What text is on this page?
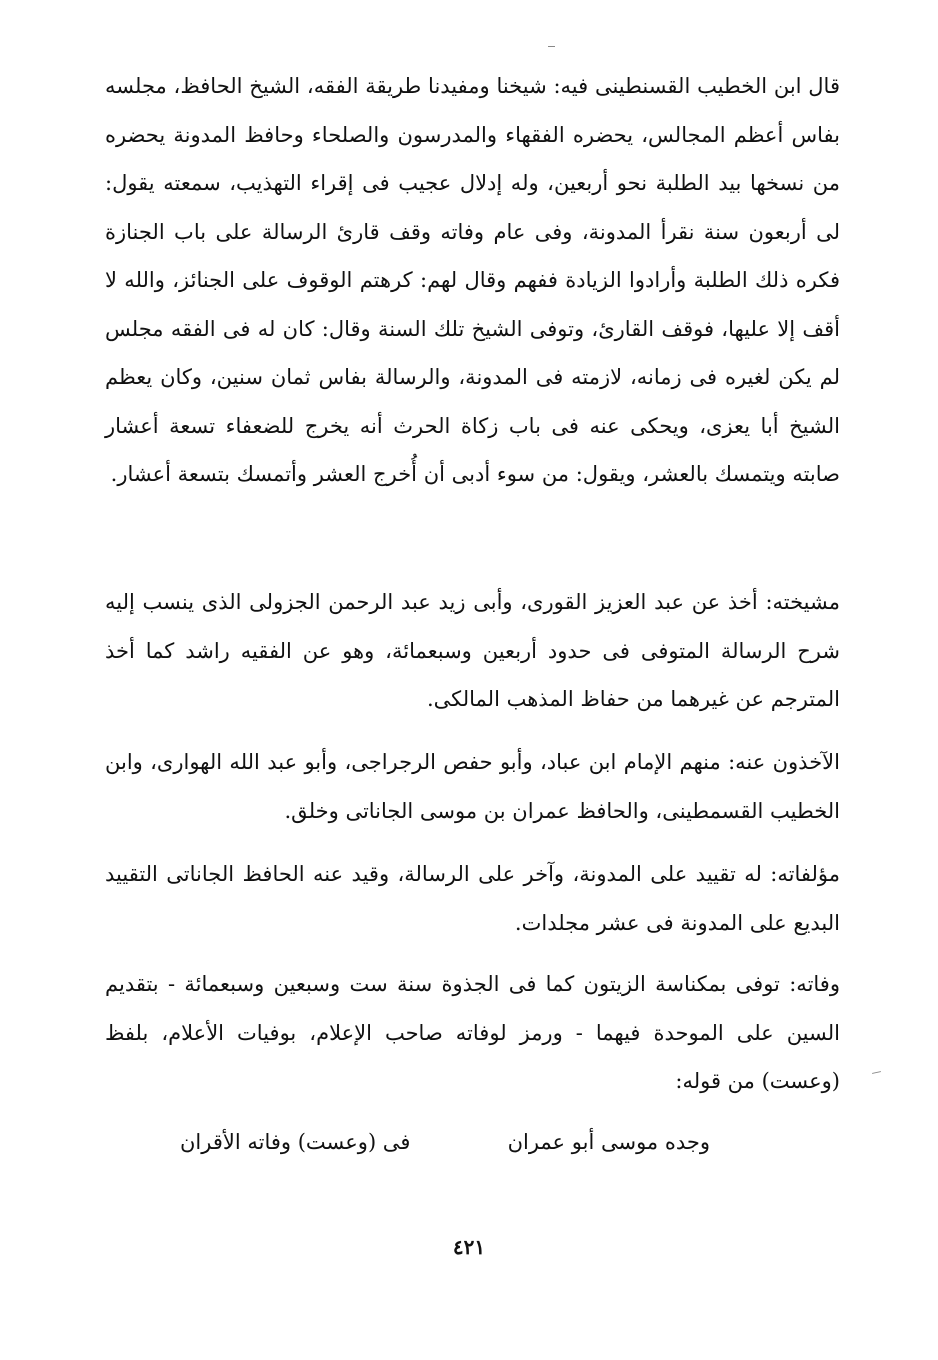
قال ابن الخطيب القسنطينى فيه: شيخنا ومفيدنا طريقة الفقه، الشيخ الحافظ، مجلسه بفاس أعظم المجالس، يحضره الفقهاء والمدرسون والصلحاء وحافظ المدونة يحضره من نسخها بيد الطلبة نحو أربعين، وله إدلال عجيب فى إقراء التهذيب، سمعته يقول: لى أربعون سنة نقرأ المدونة، وفى عام وفاته وقف قارئ الرسالة على باب الجنازة فكره ذلك الطلبة وأرادوا الزيادة ففهم وقال لهم: كرهتم الوقوف على الجنائز، والله لا أقف إلا عليها، فوقف القارئ، وتوفى الشيخ تلك السنة وقال: كان له فى الفقه مجلس لم يكن لغيره فى زمانه، لازمته فى المدونة، والرسالة بفاس ثمان سنين، وكان يعظم الشيخ أبا يعزى، ويحكى عنه فى باب زكاة الحرث أنه يخرج للضعفاء تسعة أعشار صابته ويتمسك بالعشر، ويقول: من سوء أدبى أن أُخرج العشر وأتمسك بتسعة أعشار.

مشيخته: أخذ عن عبد العزيز القورى، وأبى زيد عبد الرحمن الجزولى الذى ينسب إليه شرح الرسالة المتوفى فى حدود أربعين وسبعمائة، وهو عن الفقيه راشد كما أخذ المترجم عن غيرهما من حفاظ المذهب المالكى.

الآخذون عنه: منهم الإمام ابن عباد، وأبو حفص الرجراجى، وأبو عبد الله الهوارى، وابن الخطيب القسمطينى، والحافظ عمران بن موسى الجاناتى وخلق.

مؤلفاته: له تقييد على المدونة، وآخر على الرسالة، وقيد عنه الحافظ الجاناتى التقييد البديع على المدونة فى عشر مجلدات.

وفاته: توفى بمكناسة الزيتون كما فى الجذوة سنة ست وسبعين وسبعمائة - بتقديم السين على الموحدة فيهما - ورمز لوفاته صاحب الإعلام، بوفيات الأعلام، بلفظ (وعست) من قوله:

وجده موسى أبو عمران
فى (وعست) وفاته الأقران
٤٢١
